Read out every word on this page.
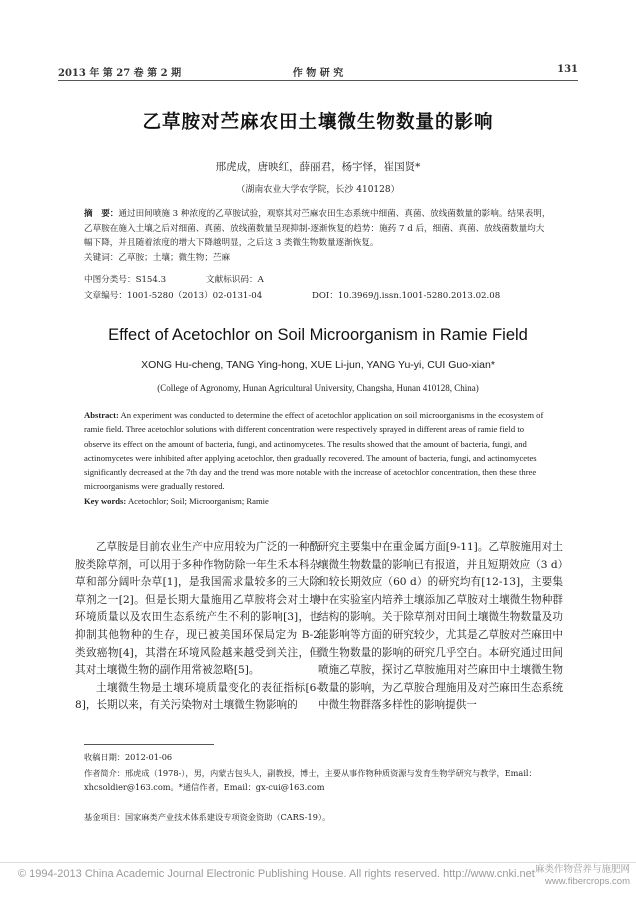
2013 年 第 27 卷 第 2 期	作 物 研 究	131
乙草胺对苎麻农田土壤微生物数量的影响
邢虎成，唐映红，薛丽君，杨宇怿，崔国贤*
（湖南农业大学农学院，长沙 410128）

摘　要：通过田间喷施 3 种浓度的乙草胺试验，观察其对苎麻农田生态系统中细菌、真菌、放线菌数量的影响。结果表明，乙草胺在施入土壤之后对细菌、真菌、放线菌数量呈现抑制-逐渐恢复的趋势：施药 7 d 后，细菌、真菌、放线菌数量均大幅下降，并且随着浓度的增大下降越明显，之后这 3 类微生物数量逐渐恢复。

关键词：乙草胺；土壤；微生物；苎麻

中图分类号：S154.3	文献标识码：A
文章编号：1001-5280（2013）02-0131-04	DOI：10.3969/j.issn.1001-5280.2013.02.08
Effect of Acetochlor on Soil Microorganism in Ramie Field
XONG Hu-cheng, TANG Ying-hong, XUE Li-jun, YANG Yu-yi, CUI Guo-xian*
(College of Agronomy, Hunan Agricultural University, Changsha, Hunan 410128, China)

Abstract: An experiment was conducted to determine the effect of acetochlor application on soil microorganisms in the ecosystem of ramie field. Three acetochlor solutions with different concentration were respectively sprayed in different areas of ramie field to observe its effect on the amount of bacteria, fungi, and actinomycetes. The results showed that the amount of bacteria, fungi, and actinomycetes were inhibited after applying acetochlor, then gradually recovered. The amount of bacteria, fungi, and actinomycetes significantly decreased at the 7th day and the trend was more notable with the increase of acetochlor concentration, then these three microorganisms were gradually restored.

Key words: Acetochlor; Soil; Microorganism; Ramie

乙草胺是目前农业生产中应用较为广泛的一种酰胺类除草剂，可以用于多种作物防除一年生禾本科杂草和部分阔叶杂草[1]，是我国需求量较多的三大除草剂之一[2]。但是长期大量施用乙草胺将会对土壤环境质量以及农田生态系统产生不利的影响[3]，也抑制其他物种的生存，现已被美国环保局定为 B-2 类致癌物[4]，其潜在环境风险越来越受到关注，但其对土壤微生物的副作用常被忽略[5]。

土壤微生物是土壤环境质量变化的表征指标[6-8]，长期以来，有关污染物对土壤微生物影响的

研究主要集中在重金属方面[9-11]。乙草胺施用对土壤微生物数量的影响已有报道，并且短期效应（3 d）和较长期效应（60 d）的研究均有[12-13]，主要集中在实验室内培养土壤添加乙草胺对土壤微生物种群结构的影响。关于除草剂对田间土壤微生物数量及功能影响等方面的研究较少，尤其是乙草胺对苎麻田中微生物数量的影响的研究几乎空白。本研究通过田间喷施乙草胺，探讨乙草胺施用对苎麻田中土壤微生物数量的影响，为乙草胺合理施用及对苎麻田生态系统中微生物群落多样性的影响提供一

收稿日期：2012-01-06
作者简介：邢虎成（1978-），男，内蒙古包头人，副教授，博士，主要从事作物种质资源与发育生物学研究与教学，Email：xhcsoldier@163.com。*通信作者，Email：gx-cui@163.com
基金项目：国家麻类产业技术体系建设专项资金资助（CARS-19）。
© 1994-2013 China Academic Journal Electronic Publishing House. All rights reserved. http://www.cnki.net 麻类作物营养与施肥网 www.fibercrops.com
